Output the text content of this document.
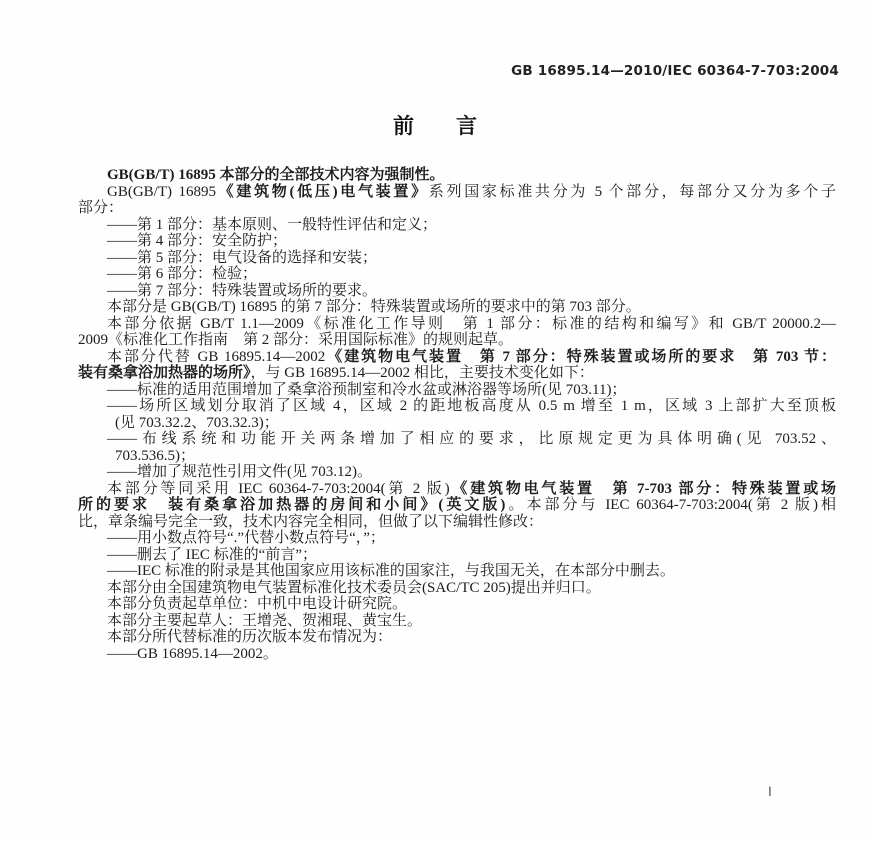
GB 16895.14—2010/IEC 60364-7-703:2004
前　　言

GB(GB/T) 16895 本部分的全部技术内容为强制性。

GB(GB/T) 16895《建筑物(低压)电气装置》系列国家标准共分为 5 个部分，每部分又分为多个子
部分：

——第 1 部分：基本原则、一般特性评估和定义；

——第 4 部分：安全防护；

——第 5 部分：电气设备的选择和安装；

——第 6 部分：检验；

——第 7 部分：特殊装置或场所的要求。

本部分是 GB(GB/T) 16895 的第 7 部分：特殊装置或场所的要求中的第 703 部分。

本部分依据 GB/T 1.1—2009《标准化工作导则　第 1 部分：标准的结构和编写》和 GB/T 20000.2—
2009《标准化工作指南　第 2 部分：采用国际标准》的规则起草。

本部分代替 GB 16895.14—2002《建筑物电气装置　第 7 部分：特殊装置或场所的要求　第 703 节：
装有桑拿浴加热器的场所》，与 GB 16895.14—2002 相比，主要技术变化如下：

——标准的适用范围增加了桑拿浴预制室和冷水盆或淋浴器等场所(见 703.11)；

——场所区域划分取消了区域 4，区域 2 的距地板高度从 0.5 m 增至 1 m，区域 3 上部扩大至顶板
(见 703.32.2、703.32.3)；

——布线系统和功能开关两条增加了相应的要求，比原规定更为具体明确(见 703.52、
703.536.5)；

——增加了规范性引用文件(见 703.12)。

本部分等同采用 IEC 60364-7-703:2004(第 2 版)《建筑物电气装置　第 7-703 部分：特殊装置或场
所的要求　装有桑拿浴加热器的房间和小间》(英文版)。本部分与 IEC 60364-7-703:2004(第 2 版)相
比，章条编号完全一致，技术内容完全相同，但做了以下编辑性修改：

——用小数点符号“.”代替小数点符号“，”；

——删去了 IEC 标准的“前言”；

——IEC 标准的附录是其他国家应用该标准的国家注，与我国无关，在本部分中删去。

本部分由全国建筑物电气装置标准化技术委员会(SAC/TC 205)提出并归口。

本部分负责起草单位：中机中电设计研究院。

本部分主要起草人：王增尧、贺湘琨、黄宝生。

本部分所代替标准的历次版本发布情况为：

——GB 16895.14—2002。

Ⅰ
